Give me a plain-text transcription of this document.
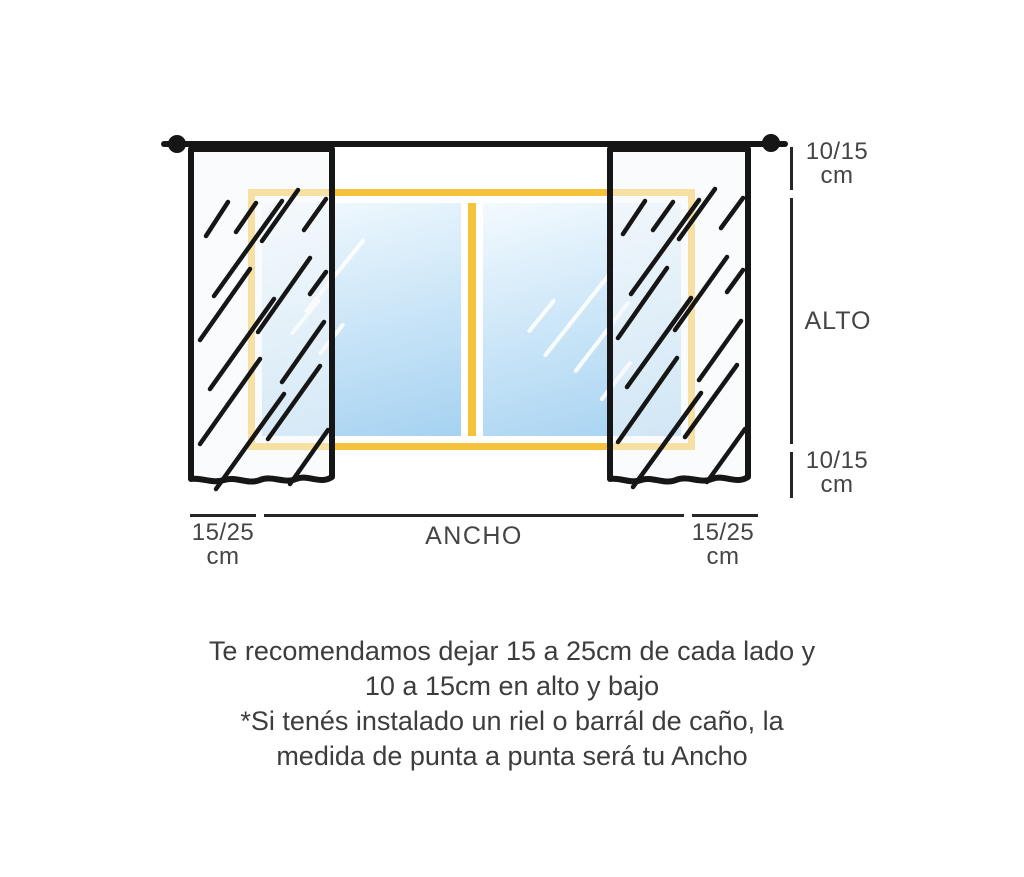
10/15
cm
ALTO
10/15
cm
15/25
cm
ANCHO	15/25
cm
Te recomendamos dejar 15 a 25cm de cada lado y
10 a 15cm en alto y bajo
*Si tenés instalado un riel o barrál de caño, la
medida de punta a punta será tu Ancho
